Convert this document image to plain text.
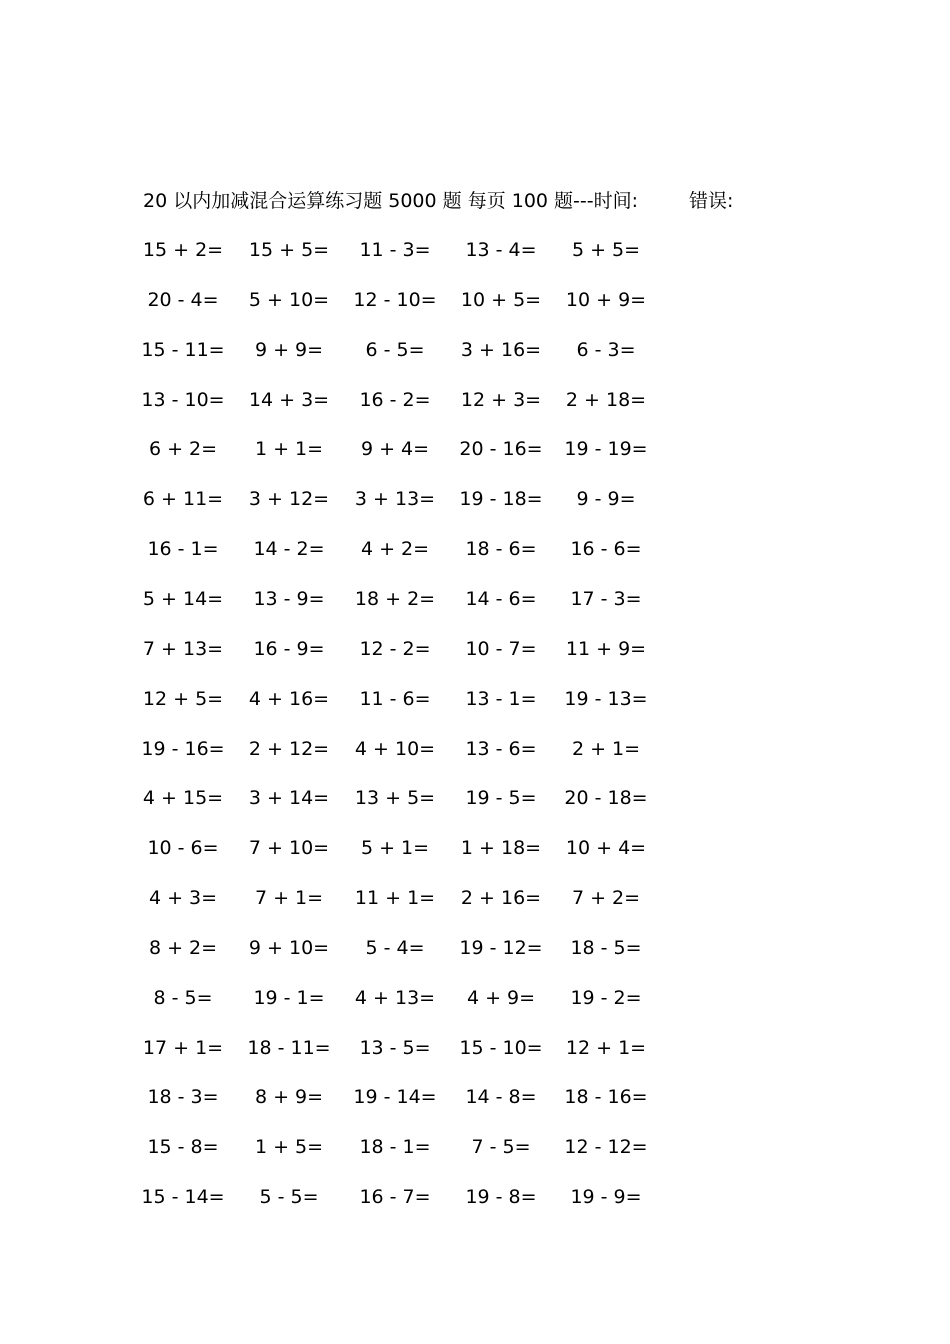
20 以内加减混合运算练习题 5000 题 每页 100 题---时间:	错误:
15 + 2=	15 + 5=	11 - 3=	13 - 4=	5 + 5=
20 - 4=	5 + 10=	12 - 10=	10 + 5=	10 + 9=
15 - 11=	9 + 9=	6 - 5=	3 + 16=	6 - 3=
13 - 10=	14 + 3=	16 - 2=	12 + 3=	2 + 18=
6 + 2=	1 + 1=	9 + 4=	20 - 16=	19 - 19=
6 + 11=	3 + 12=	3 + 13=	19 - 18=	9 - 9=
16 - 1=	14 - 2=	4 + 2=	18 - 6=	16 - 6=
5 + 14=	13 - 9=	18 + 2=	14 - 6=	17 - 3=
7 + 13=	16 - 9=	12 - 2=	10 - 7=	11 + 9=
12 + 5=	4 + 16=	11 - 6=	13 - 1=	19 - 13=
19 - 16=	2 + 12=	4 + 10=	13 - 6=	2 + 1=
4 + 15=	3 + 14=	13 + 5=	19 - 5=	20 - 18=
10 - 6=	7 + 10=	5 + 1=	1 + 18=	10 + 4=
4 + 3=	7 + 1=	11 + 1=	2 + 16=	7 + 2=
8 + 2=	9 + 10=	5 - 4=	19 - 12=	18 - 5=
8 - 5=	19 - 1=	4 + 13=	4 + 9=	19 - 2=
17 + 1=	18 - 11=	13 - 5=	15 - 10=	12 + 1=
18 - 3=	8 + 9=	19 - 14=	14 - 8=	18 - 16=
15 - 8=	1 + 5=	18 - 1=	7 - 5=	12 - 12=
15 - 14=	5 - 5=	16 - 7=	19 - 8=	19 - 9=
